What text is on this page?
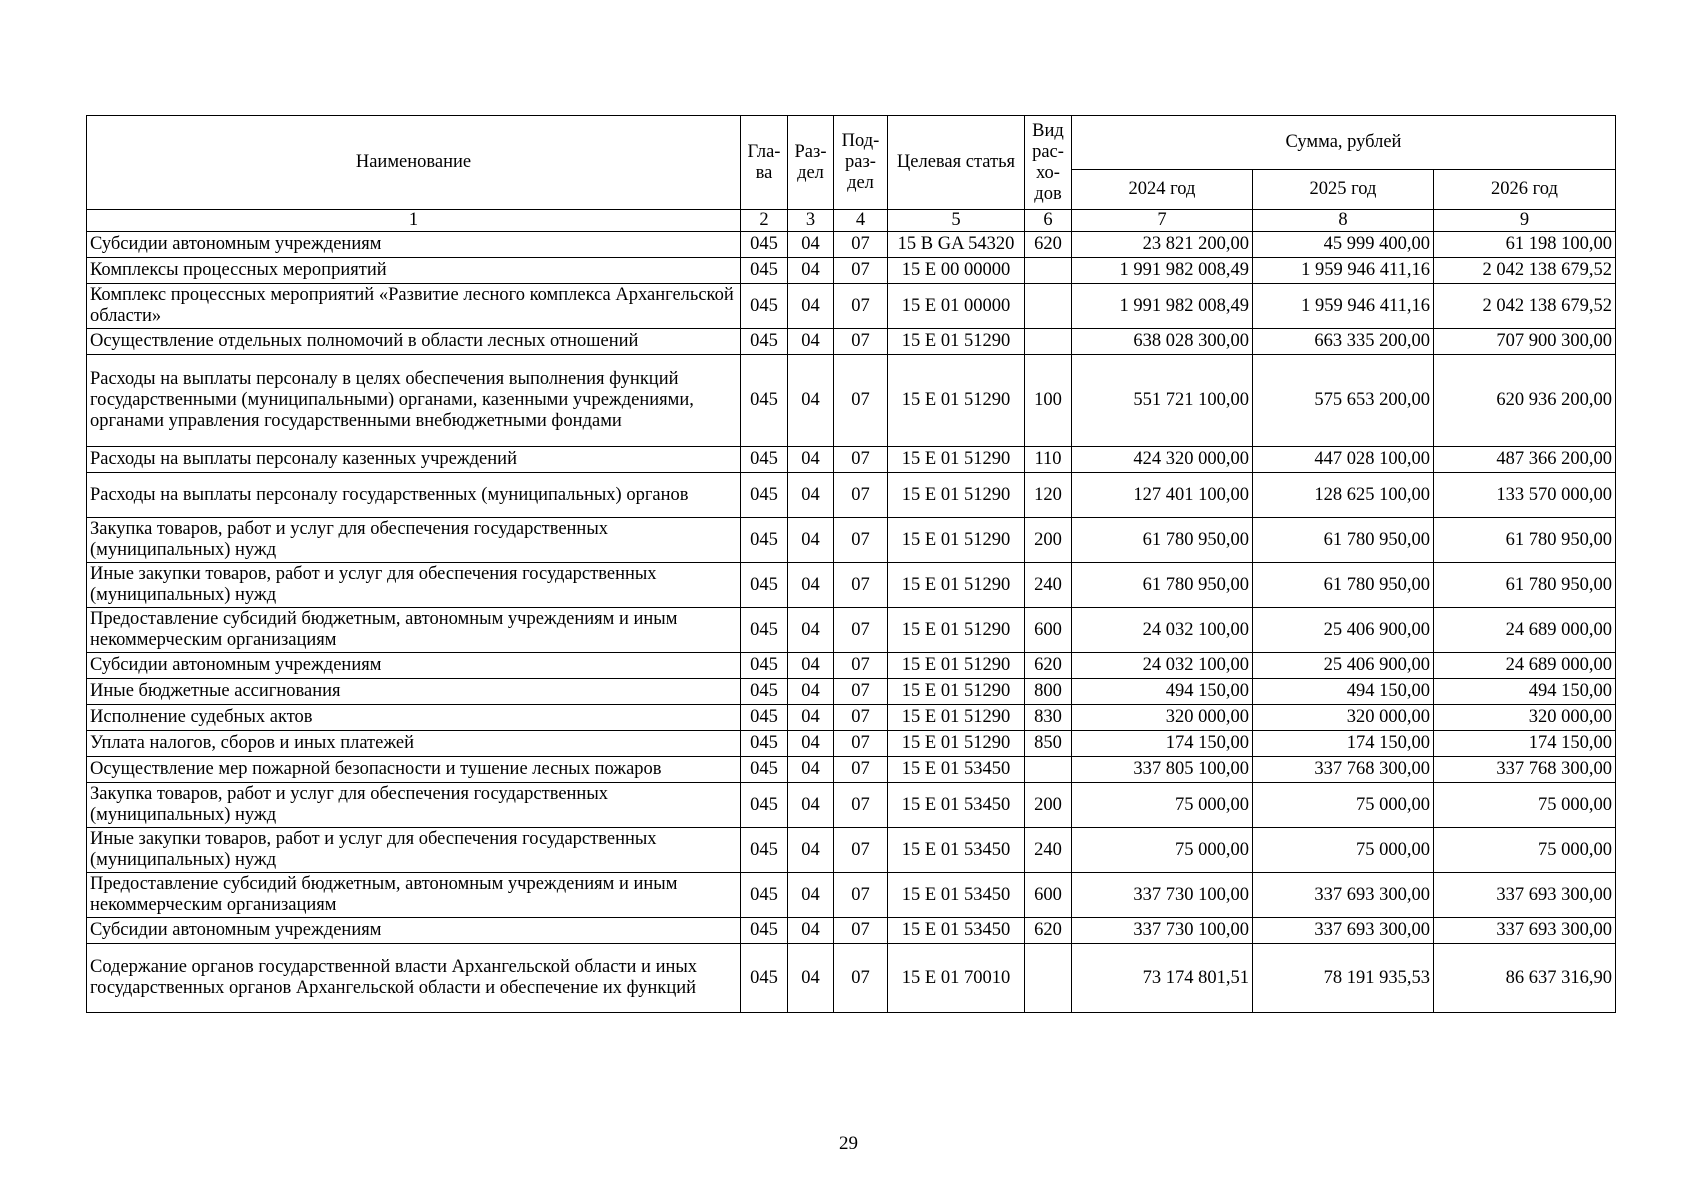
Наименование	Гла-ва	Раз-дел	Под-раз-дел	Целевая статья	Вид рас-хо-дов	Сумма, рублей		
						2024 год	2025 год	2026 год
1	2	3	4	5	6	7	8	9
Субсидии автономным учреждениям	045	04	07	15 В GA 54320	620	23 821 200,00	45 999 400,00	61 198 100,00
Комплексы процессных мероприятий	045	04	07	15 Е 00 00000		1 991 982 008,49	1 959 946 411,16	2 042 138 679,52
Комплекс процессных мероприятий «Развитие лесного комплекса Архангельской области»	045	04	07	15 Е 01 00000		1 991 982 008,49	1 959 946 411,16	2 042 138 679,52
Осуществление отдельных полномочий в области лесных отношений	045	04	07	15 Е 01 51290		638 028 300,00	663 335 200,00	707 900 300,00
Расходы на выплаты персоналу в целях обеспечения выполнения функций государственными (муниципальными) органами, казенными учреждениями, органами управления государственными внебюджетными фондами	045	04	07	15 Е 01 51290	100	551 721 100,00	575 653 200,00	620 936 200,00
Расходы на выплаты персоналу казенных учреждений	045	04	07	15 Е 01 51290	110	424 320 000,00	447 028 100,00	487 366 200,00
Расходы на выплаты персоналу государственных (муниципальных) органов	045	04	07	15 Е 01 51290	120	127 401 100,00	128 625 100,00	133 570 000,00
Закупка товаров, работ и услуг для обеспечения государственных (муниципальных) нужд	045	04	07	15 Е 01 51290	200	61 780 950,00	61 780 950,00	61 780 950,00
Иные закупки товаров, работ и услуг для обеспечения государственных (муниципальных) нужд	045	04	07	15 Е 01 51290	240	61 780 950,00	61 780 950,00	61 780 950,00
Предоставление субсидий бюджетным, автономным учреждениям и иным некоммерческим организациям	045	04	07	15 Е 01 51290	600	24 032 100,00	25 406 900,00	24 689 000,00
Субсидии автономным учреждениям	045	04	07	15 Е 01 51290	620	24 032 100,00	25 406 900,00	24 689 000,00
Иные бюджетные ассигнования	045	04	07	15 Е 01 51290	800	494 150,00	494 150,00	494 150,00
Исполнение судебных актов	045	04	07	15 Е 01 51290	830	320 000,00	320 000,00	320 000,00
Уплата налогов, сборов и иных платежей	045	04	07	15 Е 01 51290	850	174 150,00	174 150,00	174 150,00
Осуществление мер пожарной безопасности и тушение лесных пожаров	045	04	07	15 Е 01 53450		337 805 100,00	337 768 300,00	337 768 300,00
Закупка товаров, работ и услуг для обеспечения государственных (муниципальных) нужд	045	04	07	15 Е 01 53450	200	75 000,00	75 000,00	75 000,00
Иные закупки товаров, работ и услуг для обеспечения государственных (муниципальных) нужд	045	04	07	15 Е 01 53450	240	75 000,00	75 000,00	75 000,00
Предоставление субсидий бюджетным, автономным учреждениям и иным некоммерческим организациям	045	04	07	15 Е 01 53450	600	337 730 100,00	337 693 300,00	337 693 300,00
Субсидии автономным учреждениям	045	04	07	15 Е 01 53450	620	337 730 100,00	337 693 300,00	337 693 300,00
Содержание органов государственной власти Архангельской области и иных государственных органов Архангельской области и обеспечение их функций	045	04	07	15 Е 01 70010		73 174 801,51	78 191 935,53	86 637 316,90
29
